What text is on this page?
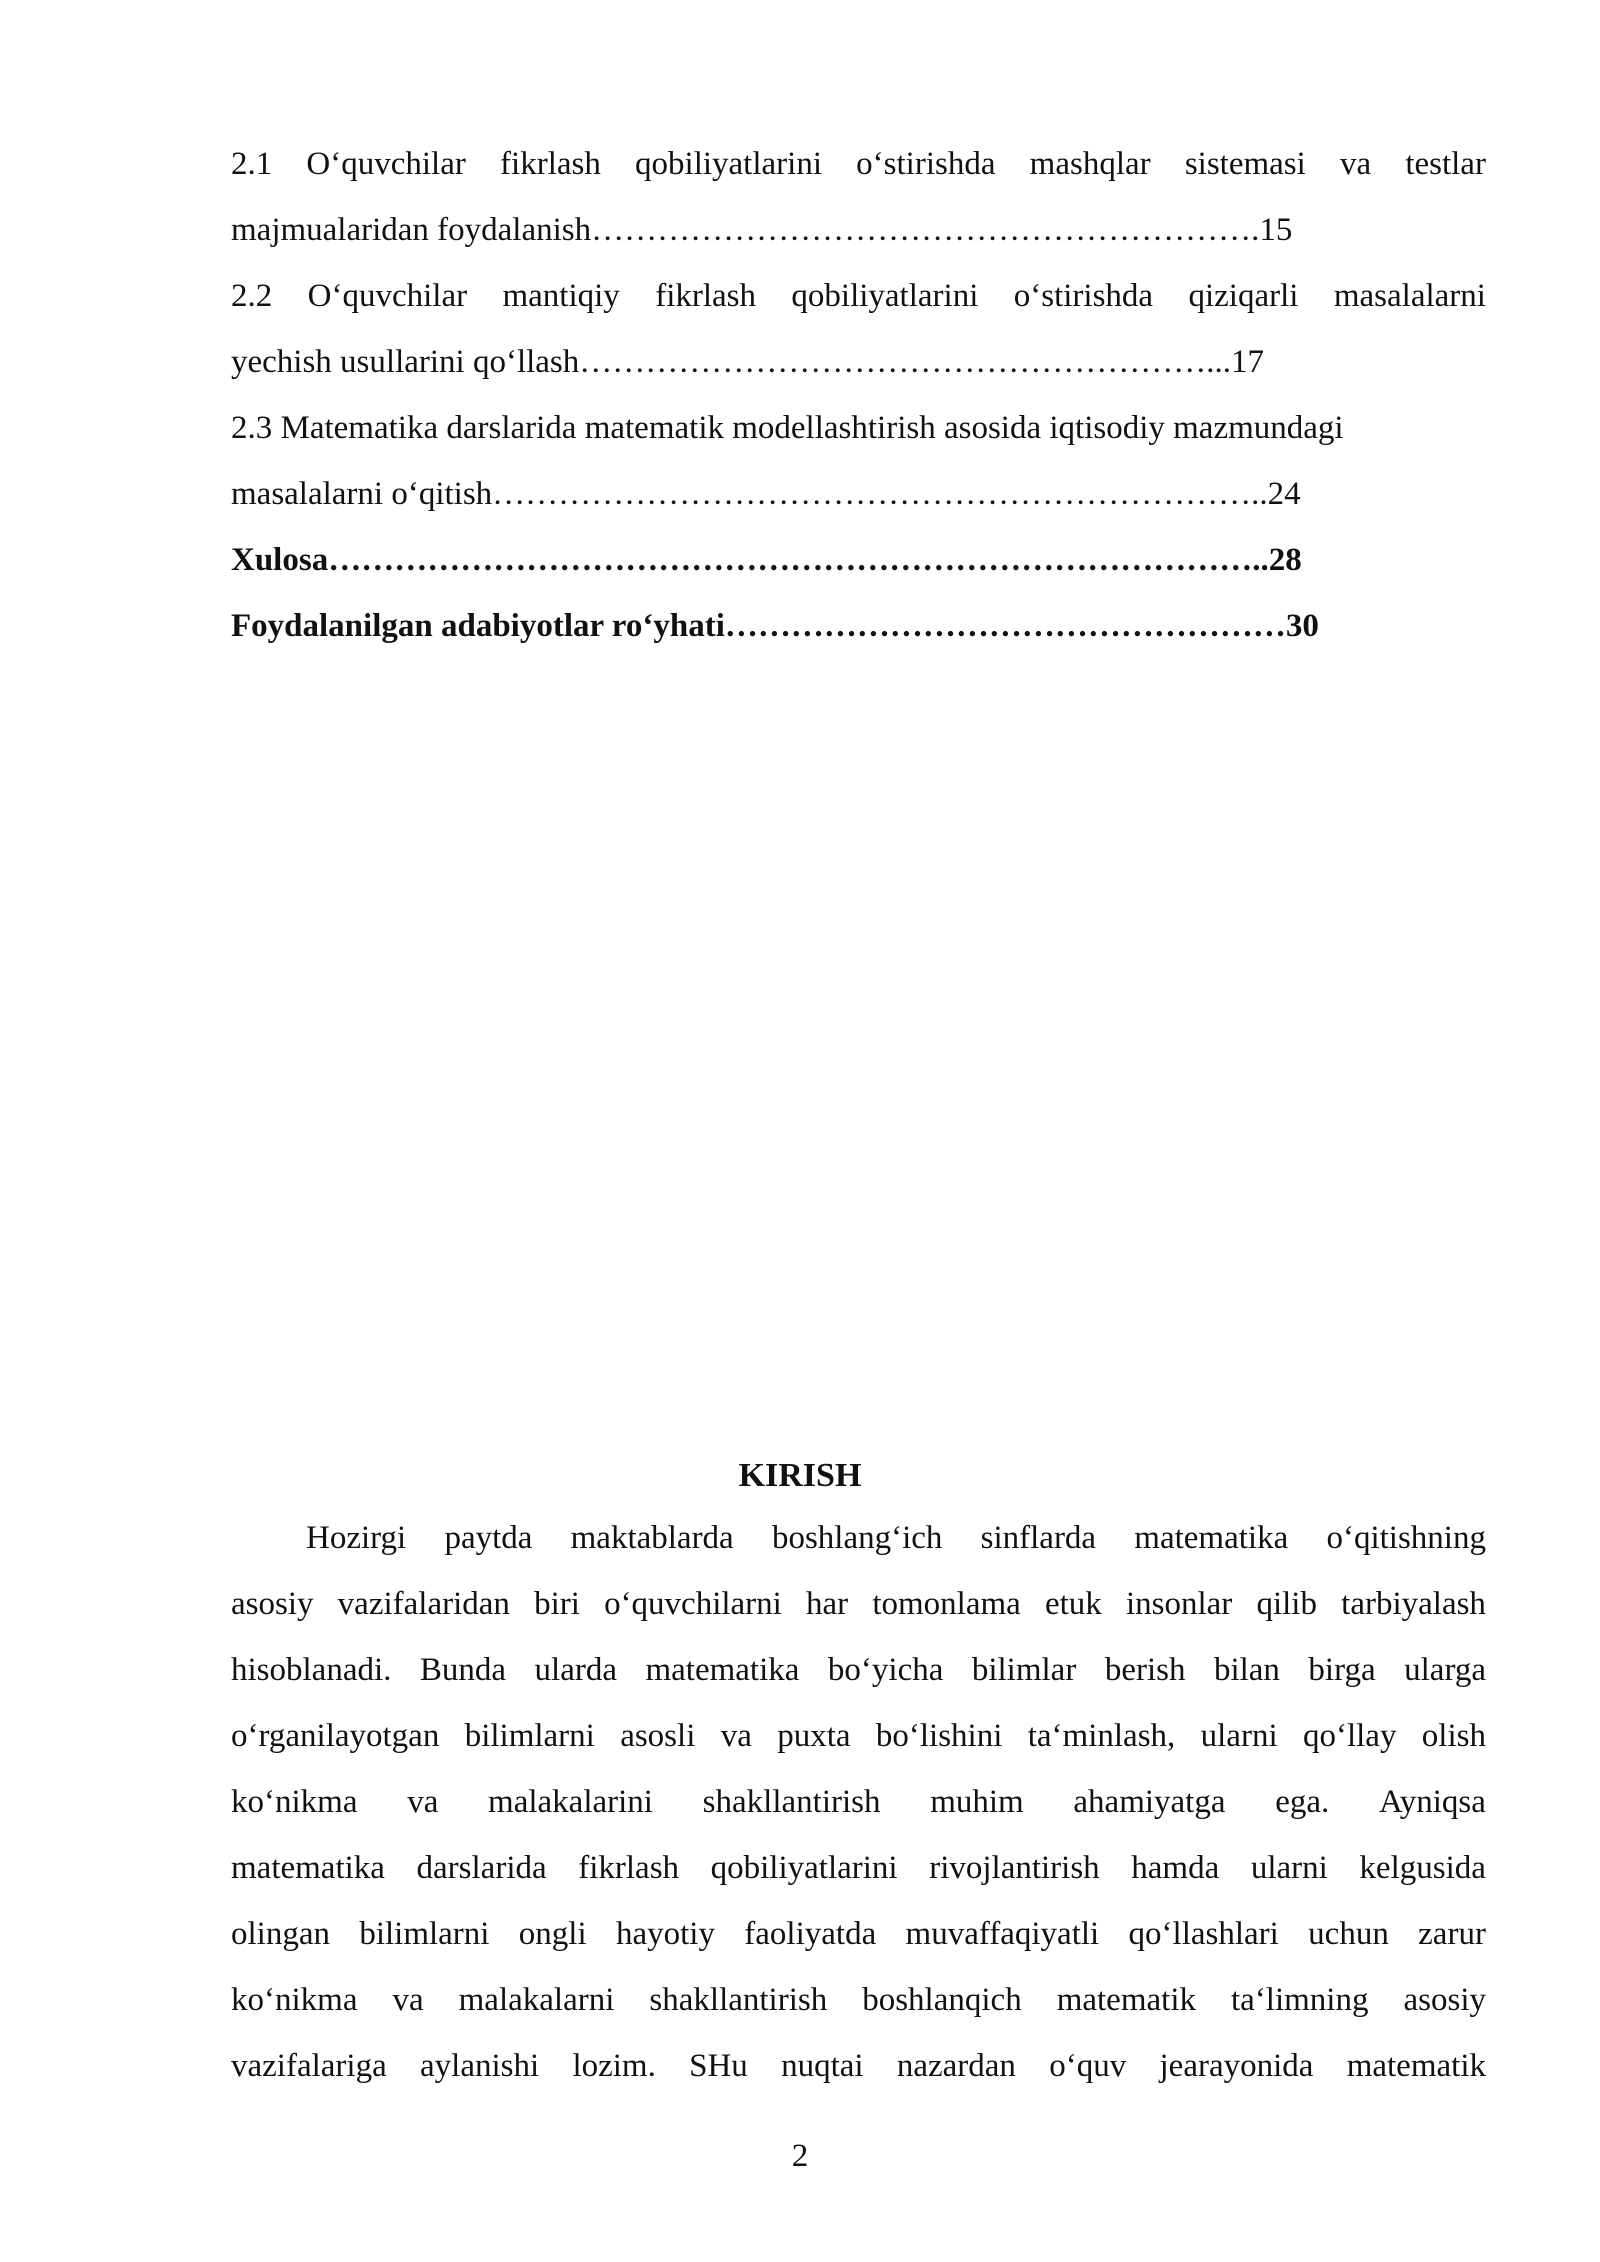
2.1 O‘quvchilar fikrlash qobiliyatlarini o‘stirishda mashqlar sistemasi va testlar
majmualaridan foydalanish…………………………………………………….15
2.2 O‘quvchilar mantiqiy fikrlash qobiliyatlarini o‘stirishda qiziqarli masalalarni
yechish usullarini qo‘llash…………………………………………………...17
2.3 Matematika darslarida matematik modellashtirish asosida iqtisodiy mazmundagi
masalalarni o‘qitish……………………………………………………………..24
Xulosa…………………………………………………………………………..28
Foydalanilgan adabiyotlar ro‘yhati……………………………………………30
KIRISH
Hozirgi paytda maktablarda boshlang‘ich sinflarda matematika o‘qitishning
asosiy vazifalaridan biri o‘quvchilarni har tomonlama etuk insonlar qilib tarbiyalash
hisoblanadi. Bunda ularda matematika bo‘yicha bilimlar berish bilan birga ularga
o‘rganilayotgan bilimlarni asosli va puxta bo‘lishini ta‘minlash, ularni qo‘llay olish
ko‘nikma va malakalarini shakllantirish muhim ahamiyatga ega. Ayniqsa
matematika darslarida fikrlash qobiliyatlarini rivojlantirish hamda ularni kelgusida
olingan bilimlarni ongli hayotiy faoliyatda muvaffaqiyatli qo‘llashlari uchun zarur
ko‘nikma va malakalarni shakllantirish boshlanqich matematik ta‘limning asosiy
vazifalariga aylanishi lozim. SHu nuqtai nazardan o‘quv jearayonida matematik
2
